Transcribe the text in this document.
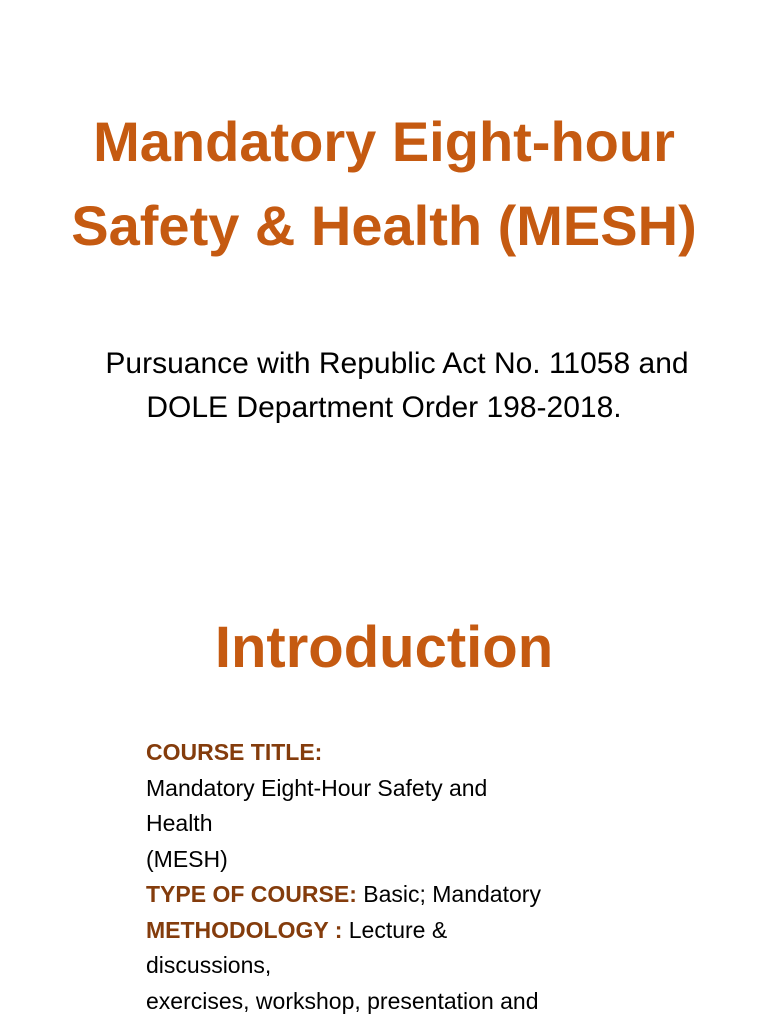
Mandatory Eight-hour
Safety & Health (MESH)
Pursuance with Republic Act No. 11058 and
DOLE Department Order 198-2018.
Introduction
COURSE TITLE:
Mandatory Eight-Hour Safety and
Health
(MESH)
TYPE OF COURSE: Basic; Mandatory
METHODOLOGY : Lecture &
discussions,
exercises, workshop, presentation and
